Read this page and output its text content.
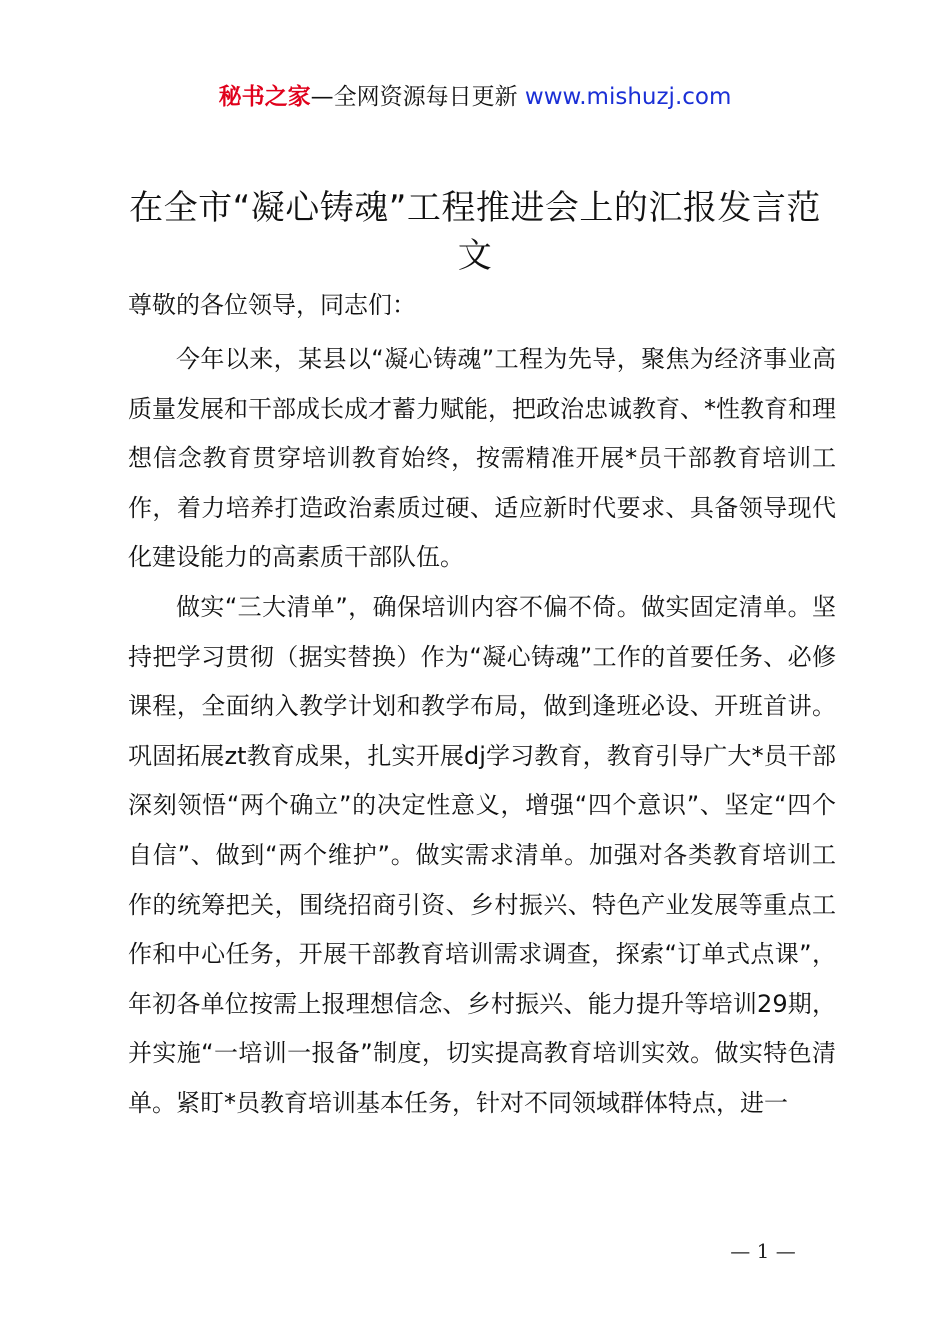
秘书之家—全网资源每日更新 www.mishuzj.com
在全市“凝心铸魂”工程推进会上的汇报发言范文
尊敬的各位领导，同志们：

今年以来，某县以“凝心铸魂”工程为先导，聚焦为经济事业高质量发展和干部成长成才蓄力赋能，把政治忠诚教育、*性教育和理想信念教育贯穿培训教育始终，按需精准开展*员干部教育培训工作，着力培养打造政治素质过硬、适应新时代要求、具备领导现代化建设能力的高素质干部队伍。

做实“三大清单”，确保培训内容不偏不倚。做实固定清单。坚持把学习贯彻（据实替换）作为“凝心铸魂”工作的首要任务、必修课程，全面纳入教学计划和教学布局，做到逢班必设、开班首讲。巩固拓展zt教育成果，扎实开展dj学习教育，教育引导广大*员干部深刻领悟“两个确立”的决定性意义，增强“四个意识”、坚定“四个自信”、做到“两个维护”。做实需求清单。加强对各类教育培训工作的统筹把关，围绕招商引资、乡村振兴、特色产业发展等重点工作和中心任务，开展干部教育培训需求调查，探索“订单式点课”，年初各单位按需上报理想信念、乡村振兴、能力提升等培训29期，并实施“一培训一报备”制度，切实提高教育培训实效。做实特色清单。紧盯*员教育培训基本任务，针对不同领域群体特点，进一

— 1 —
